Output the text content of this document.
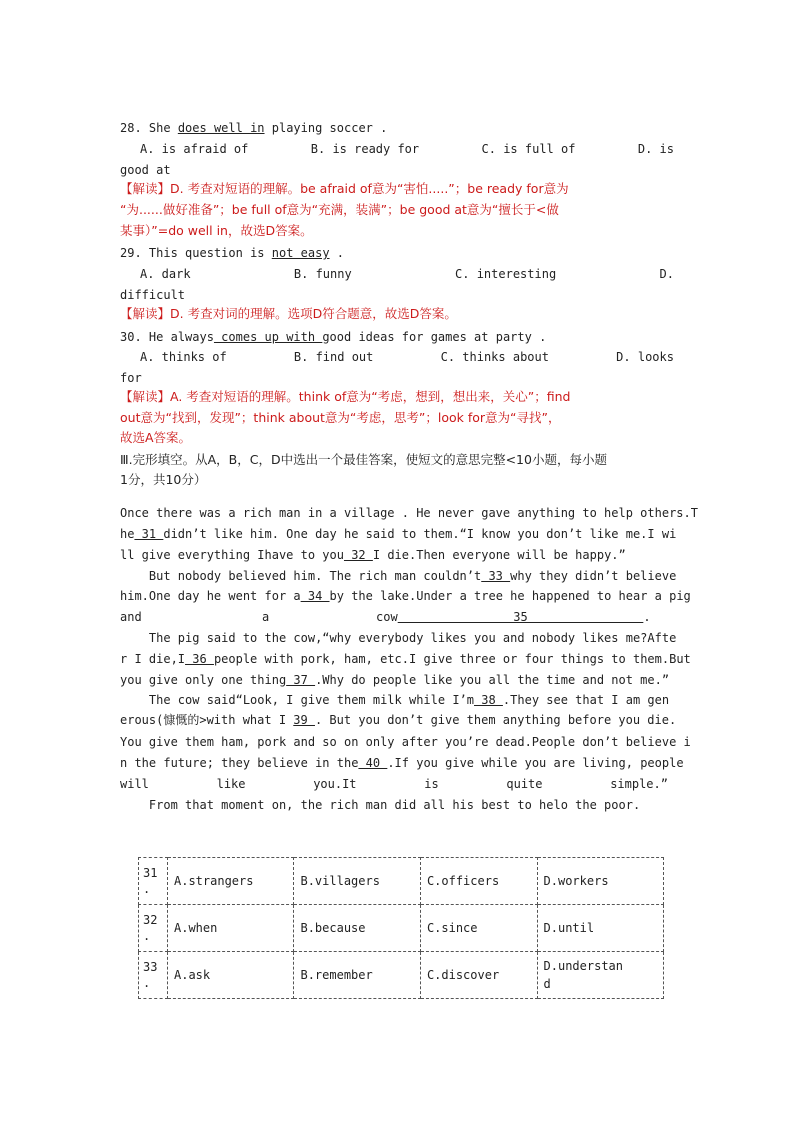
28. She does well in playing soccer .
A. is afraid of	B. is ready for	C. is full of	D. is
good at
【解读】D. 考查对短语的理解。be afraid of意为“害怕.....”；be ready for意为
“为......做好准备”；be full of意为“充满，装满”；be good at意为“擅长于<做
某事）”=do well in，故选D答案。
29. This question is not easy .
A. dark	B. funny	C. interesting	D.
difficult
【解读】D. 考查对词的理解。选项D符合题意，故选D答案。
30. He always comes up with good ideas for games at party .
A. thinks of	B. find out	C. thinks about	D. looks
for
【解读】A. 考查对短语的理解。think of意为“考虑，想到，想出来，关心”；find
out意为“找到，发现”；think about意为“考虑，思考”；look for意为“寻找”，
故选A答案。
Ⅲ.完形填空。从A，B，C，D中选出一个最佳答案，使短文的意思完整<10小题，每小题
1分，共10分）
Once there was a rich man in a village . He never gave anything to help others.T
he 31 didn’t like him. One day he said to them.“I know you don’t like me.I wi
ll give everything Ihave to you 32 I die.Then everyone will be happy.”
But nobody believed him. The rich man couldn’t 33 why they didn’t believe
him.One day he went for a 34 by the lake.Under a tree he happened to hear a pig
and	a	cow                35                .
The pig said to the cow,“why everybody likes you and nobody likes me?Afte
r I die,I 36 people with pork, ham, etc.I give three or four things to them.But
you give only one thing 37 .Why do people like you all the time and not me.”
The cow said“Look, I give them milk while I’m 38 .They see that I am gen
erous(慷慨的>with what I 39 . But you don’t give them anything before you die.
You give them ham, pork and so on only after you’re dead.People don’t believe i
n the future; they believe in the 40 .If you give while you are living, people
will	like	you.It	is	quite	simple.”
From that moment on, the rich man did all his best to helo the poor.
31
.	A.strangers	B.villagers	C.officers	D.workers
32
.	A.when	B.because	C.since	D.until
33
.	A.ask	B.remember	C.discover	D.understan
d
